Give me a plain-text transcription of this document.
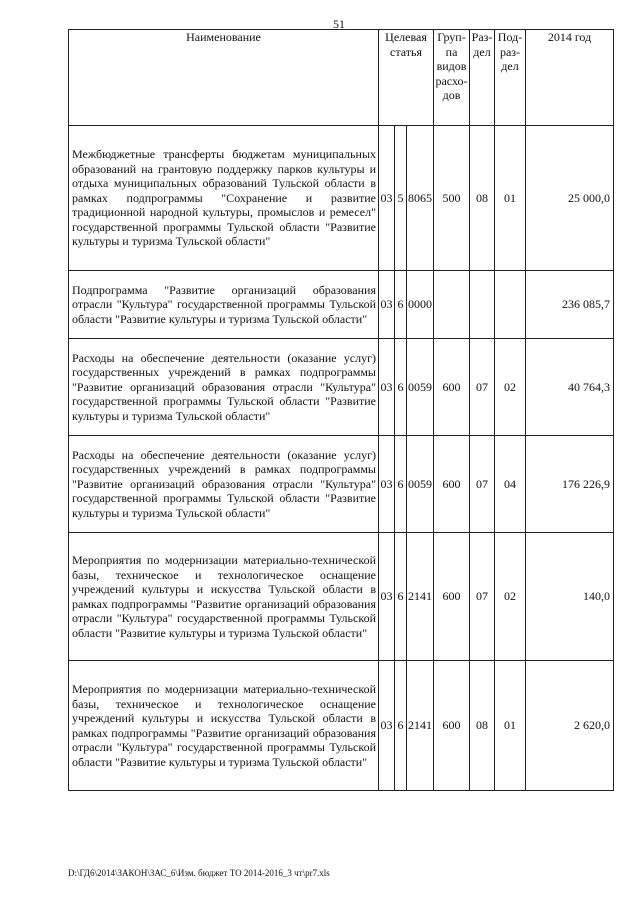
51
Наименование	Целевая статья			Груп-па видов расхо-дов	Раз-дел	Под-раз-дел	2014 год
Межбюджетные трансферты бюджетам муниципальных образований на грантовую поддержку парков культуры и отдыха муниципальных образований Тульской области в рамках подпрограммы "Сохранение и развитие традиционной народной культуры, промыслов и ремесел" государственной программы Тульской области "Развитие культуры и туризма Тульской области"	03	5	8065	500	08	01	25 000,0
Подпрограмма "Развитие организаций образования отрасли "Культура" государственной программы Тульской области "Развитие культуры и туризма Тульской области"	03	6	0000				236 085,7
Расходы на обеспечение деятельности (оказание услуг) государственных учреждений в рамках подпрограммы "Развитие организаций образования отрасли "Культура" государственной программы Тульской области "Развитие культуры и туризма Тульской области"	03	6	0059	600	07	02	40 764,3
Расходы на обеспечение деятельности (оказание услуг) государственных учреждений в рамках подпрограммы "Развитие организаций образования отрасли "Культура" государственной программы Тульской области "Развитие культуры и туризма Тульской области"	03	6	0059	600	07	04	176 226,9
Мероприятия по модернизации материально-технической базы, техническое и технологическое оснащение учреждений культуры и искусства Тульской области в рамках подпрограммы "Развитие организаций образования отрасли "Культура" государственной программы Тульской области "Развитие культуры и туризма Тульской области"	03	6	2141	600	07	02	140,0
Мероприятия по модернизации материально-технической базы, техническое и технологическое оснащение учреждений культуры и искусства Тульской области в рамках подпрограммы "Развитие организаций образования отрасли "Культура" государственной программы Тульской области "Развитие культуры и туризма Тульской области"	03	6	2141	600	08	01	2 620,0
D:\ГД6\2014\ЗАКОН\ЗАС_6\Изм. бюджет ТО 2014-2016_3 чт\pr7.xls
